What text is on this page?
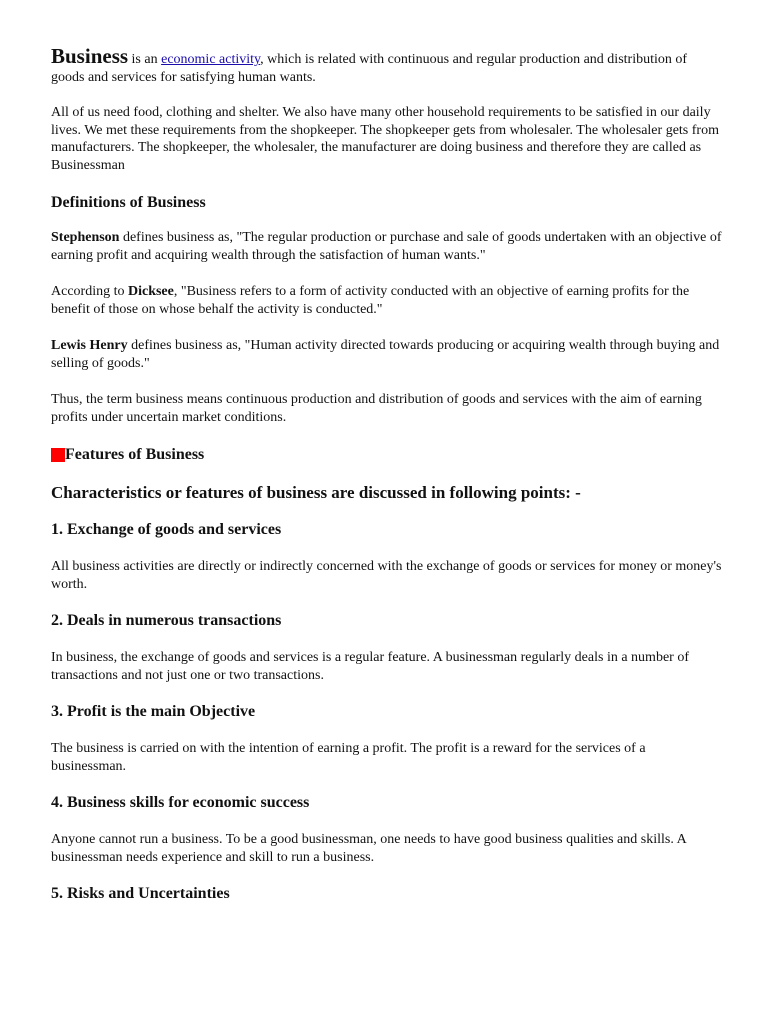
Business is an economic activity, which is related with continuous and regular production and distribution of goods and services for satisfying human wants.

All of us need food, clothing and shelter. We also have many other household requirements to be satisfied in our daily lives. We met these requirements from the shopkeeper. The shopkeeper gets from wholesaler. The wholesaler gets from manufacturers. The shopkeeper, the wholesaler, the manufacturer are doing business and therefore they are called as Businessman

Definitions of Business

Stephenson defines business as, "The regular production or purchase and sale of goods undertaken with an objective of earning profit and acquiring wealth through the satisfaction of human wants."

According to Dicksee, "Business refers to a form of activity conducted with an objective of earning profits for the benefit of those on whose behalf the activity is conducted."

Lewis Henry defines business as, "Human activity directed towards producing or acquiring wealth through buying and selling of goods."

Thus, the term business means continuous production and distribution of goods and services with the aim of earning profits under uncertain market conditions.

Features of Business
Characteristics or features of business are discussed in following points: -
1. Exchange of goods and services

All business activities are directly or indirectly concerned with the exchange of goods or services for money or money's worth.

2. Deals in numerous transactions

In business, the exchange of goods and services is a regular feature. A businessman regularly deals in a number of transactions and not just one or two transactions.

3. Profit is the main Objective

The business is carried on with the intention of earning a profit. The profit is a reward for the services of a businessman.

4. Business skills for economic success

Anyone cannot run a business. To be a good businessman, one needs to have good business qualities and skills. A businessman needs experience and skill to run a business.

5. Risks and Uncertainties
